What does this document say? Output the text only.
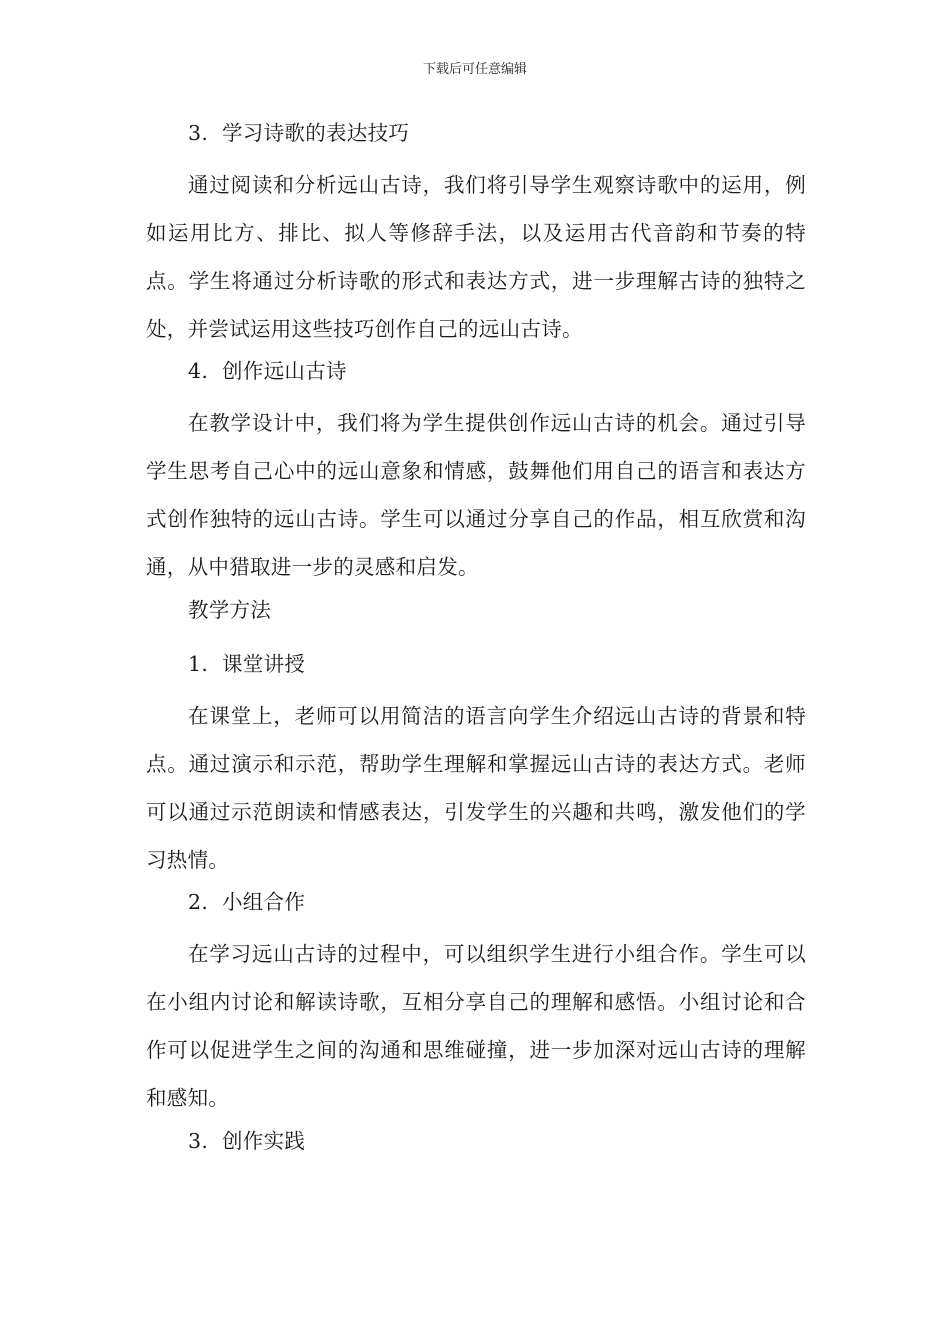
下载后可任意编辑
3. 学习诗歌的表达技巧
通过阅读和分析远山古诗，我们将引导学生观察诗歌中的运用，例如运用比方、排比、拟人等修辞手法，以及运用古代音韵和节奏的特点。学生将通过分析诗歌的形式和表达方式，进一步理解古诗的独特之处，并尝试运用这些技巧创作自己的远山古诗。
4. 创作远山古诗
在教学设计中，我们将为学生提供创作远山古诗的机会。通过引导学生思考自己心中的远山意象和情感，鼓舞他们用自己的语言和表达方式创作独特的远山古诗。学生可以通过分享自己的作品，相互欣赏和沟通，从中猎取进一步的灵感和启发。
教学方法
1. 课堂讲授
在课堂上，老师可以用简洁的语言向学生介绍远山古诗的背景和特点。通过演示和示范，帮助学生理解和掌握远山古诗的表达方式。老师可以通过示范朗读和情感表达，引发学生的兴趣和共鸣，激发他们的学习热情。
2. 小组合作
在学习远山古诗的过程中，可以组织学生进行小组合作。学生可以在小组内讨论和解读诗歌，互相分享自己的理解和感悟。小组讨论和合作可以促进学生之间的沟通和思维碰撞，进一步加深对远山古诗的理解和感知。
3. 创作实践
